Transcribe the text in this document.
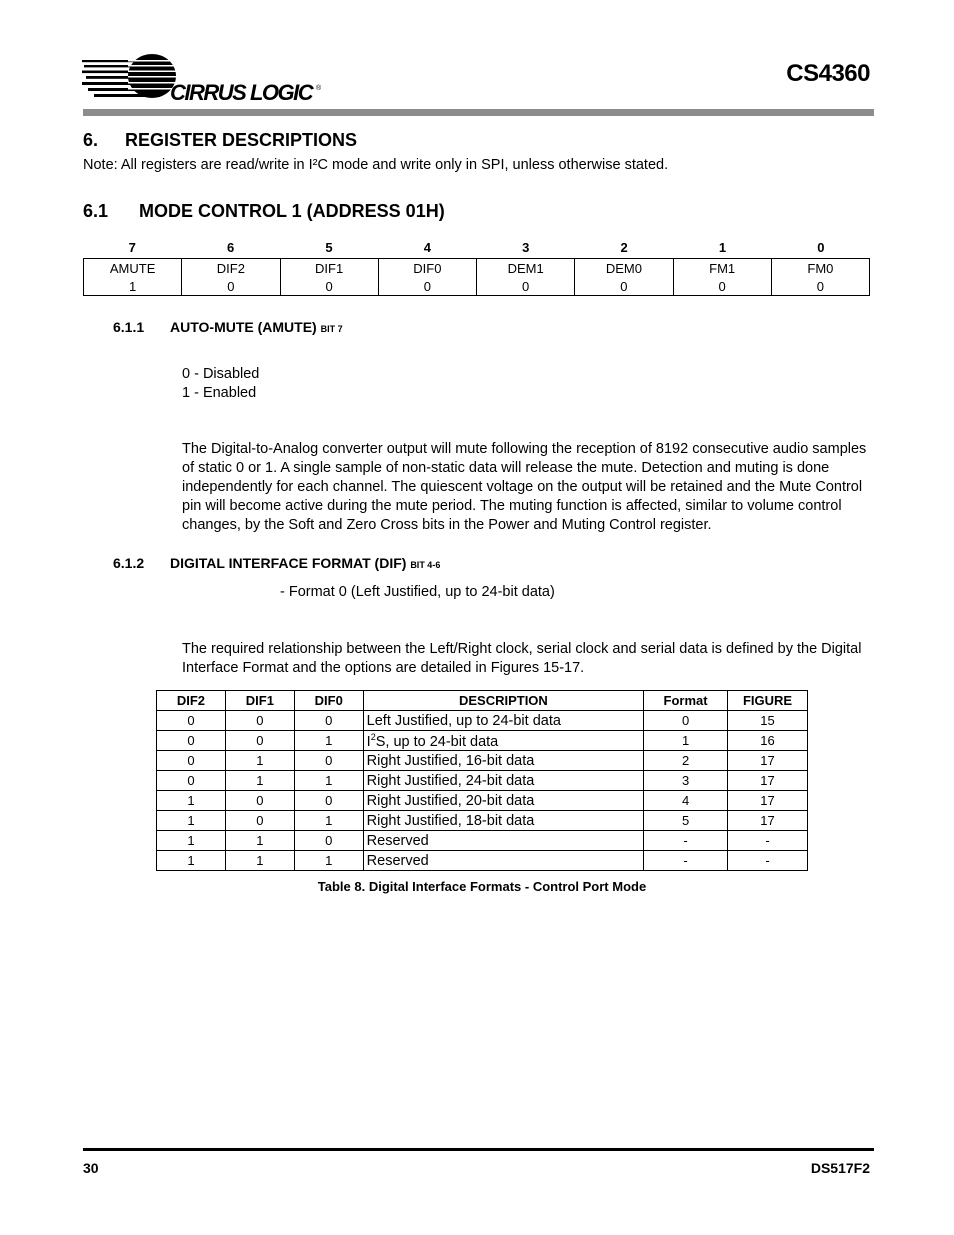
CIRRUS LOGIC ®
CS4360
6. REGISTER DESCRIPTIONS
Note: All registers are read/write in I²C mode and write only in SPI, unless otherwise stated.
6.1 MODE CONTROL 1 (ADDRESS 01H)
7	6	5	4	3	2	1	0
AMUTE	DIF2	DIF1	DIF0	DEM1	DEM0	FM1	FM0
1	0	0	0	0	0	0	0
6.1.1 AUTO-MUTE (AMUTE) BIT 7
0 - Disabled
1 - Enabled
The Digital-to-Analog converter output will mute following the reception of 8192 consecutive audio samples of static 0 or 1. A single sample of non-static data will release the mute. Detection and muting is done independently for each channel. The quiescent voltage on the output will be retained and the Mute Control pin will become active during the mute period. The muting function is affected, similar to volume control changes, by the Soft and Zero Cross bits in the Power and Muting Control register.
6.1.2 DIGITAL INTERFACE FORMAT (DIF) BIT 4-6
- Format 0 (Left Justified, up to 24-bit data)
The required relationship between the Left/Right clock, serial clock and serial data is defined by the Digital Interface Format and the options are detailed in Figures 15-17.
DIF2	DIF1	DIF0	DESCRIPTION	Format	FIGURE
0	0	0	Left Justified, up to 24-bit data	0	15
0	0	1	$I^2S$, up to 24-bit data	1	16
0	1	0	Right Justified, 16-bit data	2	17
0	1	1	Right Justified, 24-bit data	3	17
1	0	0	Right Justified, 20-bit data	4	17
1	0	1	Right Justified, 18-bit data	5	17
1	1	0	Reserved	-	-
1	1	1	Reserved	-	-
Table 8. Digital Interface Formats - Control Port Mode
30	DS517F2
